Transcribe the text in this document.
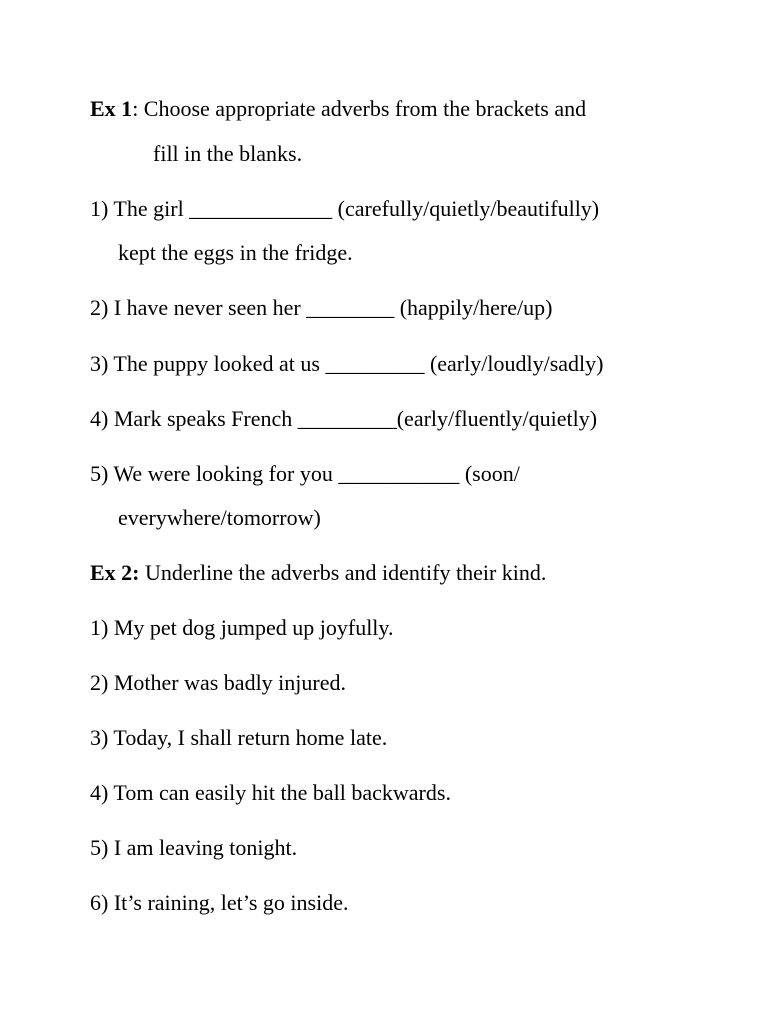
Ex 1: Choose appropriate adverbs from the brackets and
fill in the blanks.
1) The girl _____________ (carefully/quietly/beautifully)
kept the eggs in the fridge.
2) I have never seen her ________ (happily/here/up)
3) The puppy looked at us _________ (early/loudly/sadly)
4) Mark speaks French _________(early/fluently/quietly)
5) We were looking for you ___________ (soon/
everywhere/tomorrow)
Ex 2: Underline the adverbs and identify their kind.
1) My pet dog jumped up joyfully.
2) Mother was badly injured.
3) Today, I shall return home late.
4) Tom can easily hit the ball backwards.
5) I am leaving tonight.
6) It’s raining, let’s go inside.
